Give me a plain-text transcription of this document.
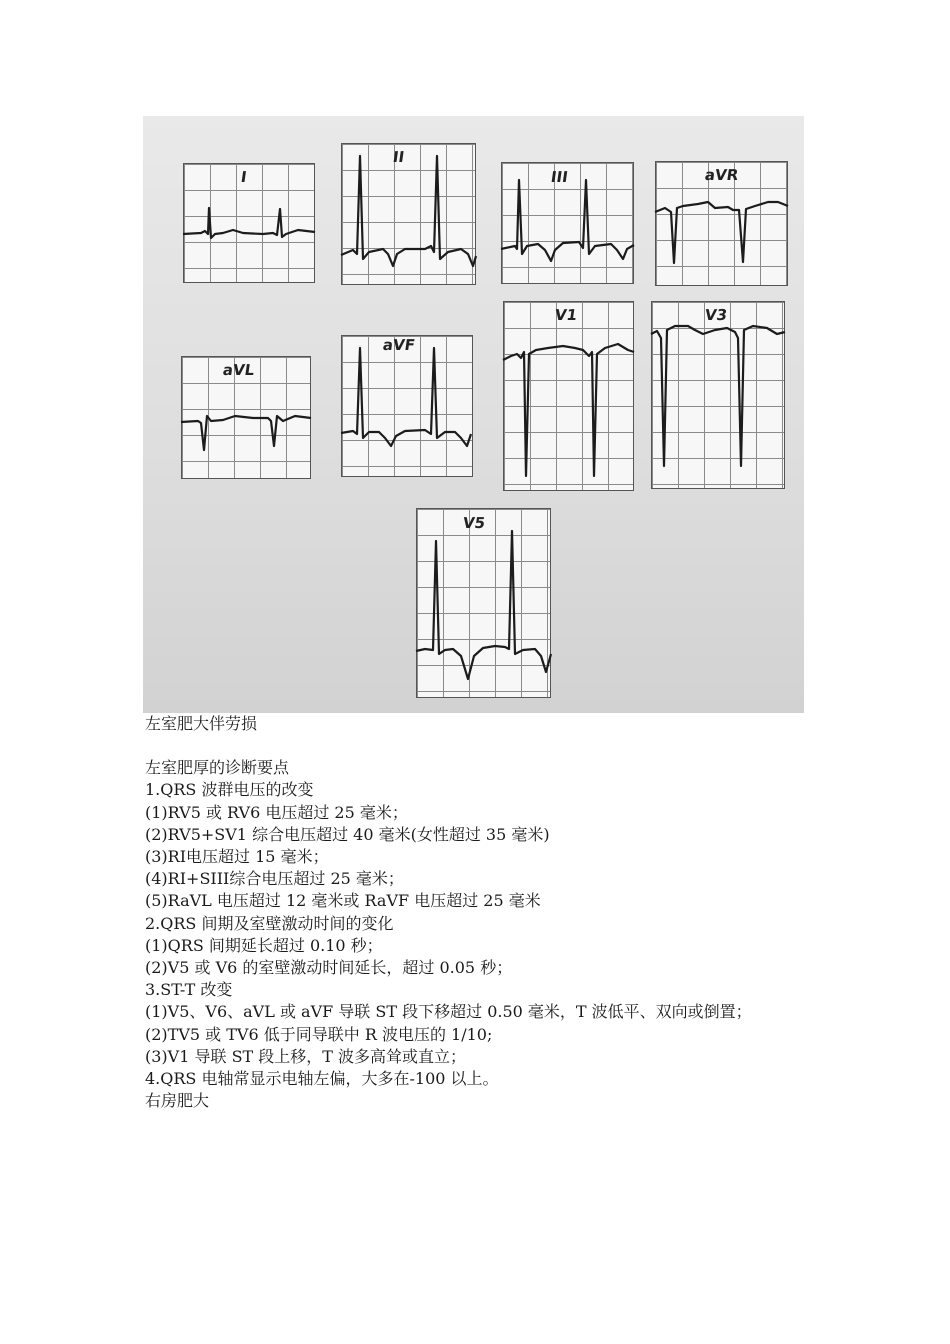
I
II
III	aVR
aVL
aVF
V1	V3
V5
左室肥大伴劳损
左室肥厚的诊断要点
1.QRS 波群电压的改变
(1)RV5 或 RV6 电压超过 25 毫米；
(2)RV5+SV1 综合电压超过 40 毫米(女性超过 35 毫米)
(3)RⅠ电压超过 15 毫米；
(4)RⅠ+SIII综合电压超过 25 毫米；
(5)RaVL 电压超过 12 毫米或 RaVF 电压超过 25 毫米
2.QRS 间期及室壁激动时间的变化
(1)QRS 间期延长超过 0.10 秒；
(2)V5 或 V6 的室壁激动时间延长，超过 0.05 秒；
3.ST-T 改变
(1)V5、V6、aVL 或 aVF 导联 ST 段下移超过 0.50 毫米，T 波低平、双向或倒置；
(2)TV5 或 TV6 低于同导联中 R 波电压的 1/10;
(3)V1 导联 ST 段上移，T 波多高耸或直立；
4.QRS 电轴常显示电轴左偏，大多在-100 以上。
右房肥大
